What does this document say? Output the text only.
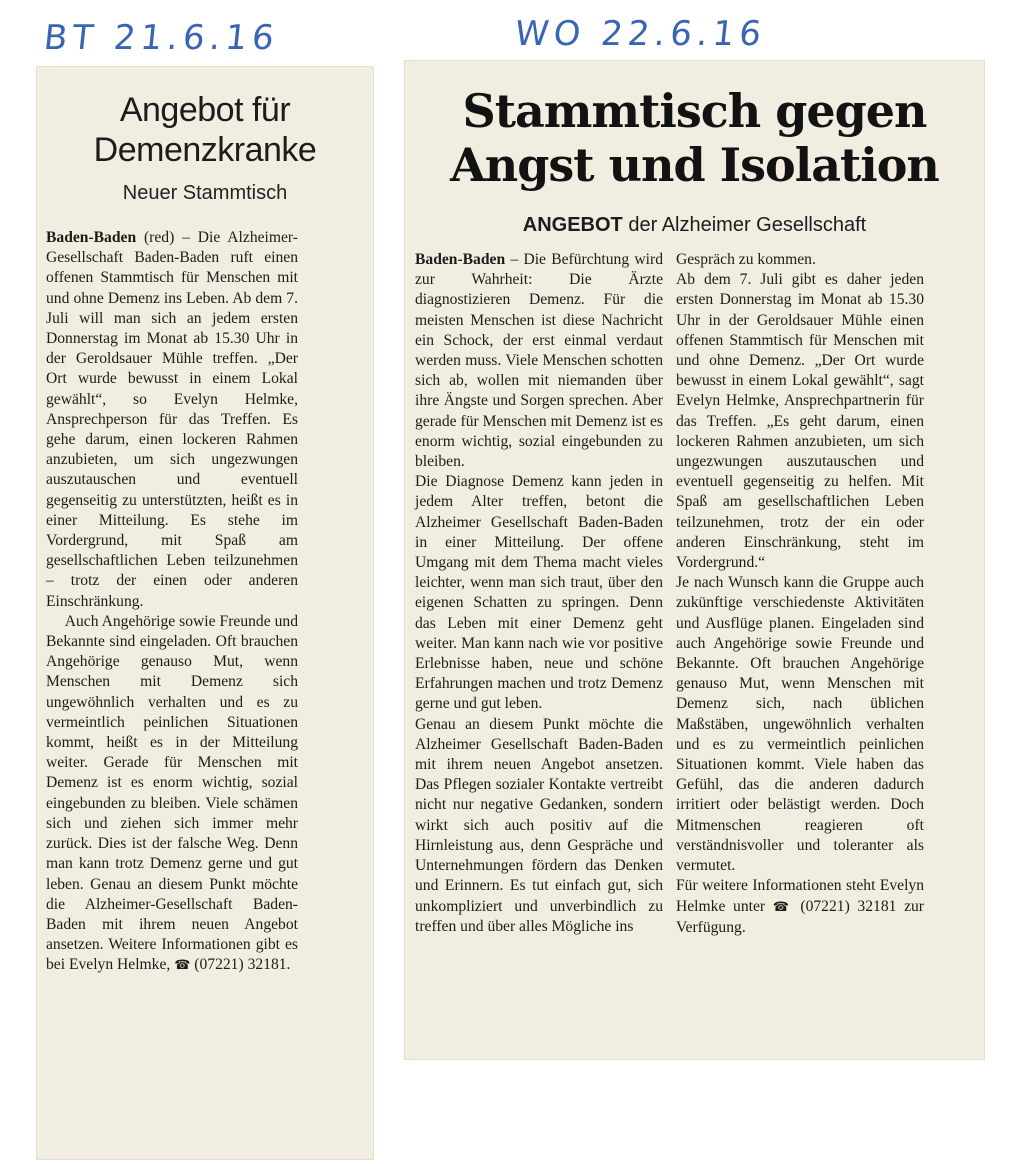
BT 21.6.16	WO 22.6.16
Angebot für Demenzkranke
Neuer Stammtisch

Baden-Baden (red) – Die Alzheimer-Gesellschaft Baden-Baden ruft einen offenen Stammtisch für Menschen mit und ohne Demenz ins Leben. Ab dem 7. Juli will man sich an jedem ersten Donnerstag im Monat ab 15.30 Uhr in der Geroldsauer Mühle treffen. „Der Ort wurde bewusst in einem Lokal gewählt“, so Evelyn Helmke, Ansprechperson für das Treffen. Es gehe darum, einen lockeren Rahmen anzubieten, um sich ungezwungen auszutauschen und eventuell gegenseitig zu unterstützten, heißt es in einer Mitteilung. Es stehe im Vordergrund, mit Spaß am gesellschaftlichen Leben teilzunehmen – trotz der einen oder anderen Einschränkung.

Auch Angehörige sowie Freunde und Bekannte sind eingeladen. Oft brauchen Angehörige genauso Mut, wenn Menschen mit Demenz sich ungewöhnlich verhalten und es zu vermeintlich peinlichen Situationen kommt, heißt es in der Mitteilung weiter. Gerade für Menschen mit Demenz ist es enorm wichtig, sozial eingebunden zu bleiben. Viele schämen sich und ziehen sich immer mehr zurück. Dies ist der falsche Weg. Denn man kann trotz Demenz gerne und gut leben. Genau an diesem Punkt möchte die Alzheimer-Gesellschaft Baden-Baden mit ihrem neuen Angebot ansetzen. Weitere Informationen gibt es bei Evelyn Helmke, ☎ (07221) 32181.

Stammtisch gegen Angst und Isolation
ANGEBOT der Alzheimer Gesellschaft

Baden-Baden – Die Befürchtung wird zur Wahrheit: Die Ärzte diagnostizieren Demenz. Für die meisten Menschen ist diese Nachricht ein Schock, der erst einmal verdaut werden muss. Viele Menschen schotten sich ab, wollen mit niemanden über ihre Ängste und Sorgen sprechen. Aber gerade für Menschen mit Demenz ist es enorm wichtig, sozial eingebunden zu bleiben.

Die Diagnose Demenz kann jeden in jedem Alter treffen, betont die Alzheimer Gesellschaft Baden-Baden in einer Mitteilung. Der offene Umgang mit dem Thema macht vieles leichter, wenn man sich traut, über den eigenen Schatten zu springen. Denn das Leben mit einer Demenz geht weiter. Man kann nach wie vor positive Erlebnisse haben, neue und schöne Erfahrungen machen und trotz Demenz gerne und gut leben.

Genau an diesem Punkt möchte die Alzheimer Gesellschaft Baden-Baden mit ihrem neuen Angebot ansetzen. Das Pflegen sozialer Kontakte vertreibt nicht nur negative Gedanken, sondern wirkt sich auch positiv auf die Hirnleistung aus, denn Gespräche und Unternehmungen fördern das Denken und Erinnern. Es tut einfach gut, sich unkompliziert und unverbindlich zu treffen und über alles Mögliche ins

Gespräch zu kommen.

Ab dem 7. Juli gibt es daher jeden ersten Donnerstag im Monat ab 15.30 Uhr in der Geroldsauer Mühle einen offenen Stammtisch für Menschen mit und ohne Demenz. „Der Ort wurde bewusst in einem Lokal gewählt“, sagt Evelyn Helmke, Ansprechpartnerin für das Treffen. „Es geht darum, einen lockeren Rahmen anzubieten, um sich ungezwungen auszutauschen und eventuell gegenseitig zu helfen. Mit Spaß am gesellschaftlichen Leben teilzunehmen, trotz der ein oder anderen Einschränkung, steht im Vordergrund.“

Je nach Wunsch kann die Gruppe auch zukünftige verschiedenste Aktivitäten und Ausflüge planen. Eingeladen sind auch Angehörige sowie Freunde und Bekannte. Oft brauchen Angehörige genauso Mut, wenn Menschen mit Demenz sich, nach üblichen Maßstäben, ungewöhnlich verhalten und es zu vermeintlich peinlichen Situationen kommt. Viele haben das Gefühl, das die anderen dadurch irritiert oder belästigt werden. Doch Mitmenschen reagieren oft verständnisvoller und toleranter als vermutet.

Für weitere Informationen steht Evelyn Helmke unter ☎ (07221) 32181 zur Verfügung.
